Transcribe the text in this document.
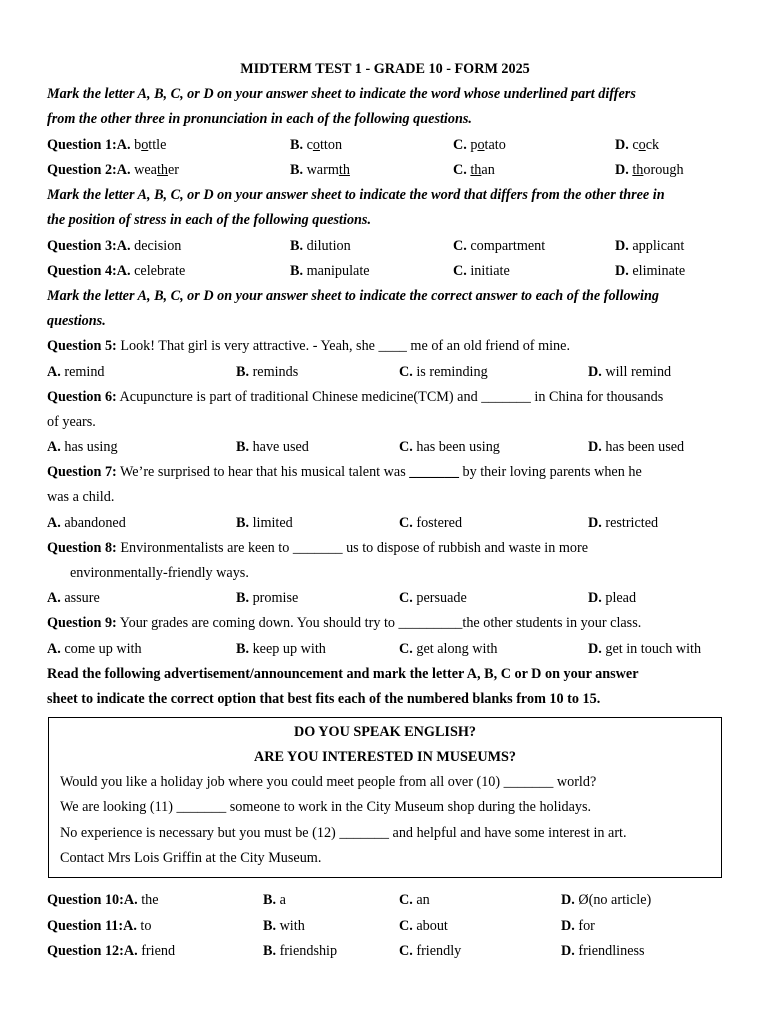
MIDTERM TEST 1 - GRADE 10 - FORM 2025
Mark the letter A, B, C, or D on your answer sheet to indicate the word whose underlined part differs
from the other three in pronunciation in each of the following questions.
Question 1:A. bottle	B. cotton	C. potato	D. cock
Question 2:A. weather	B. warmth	C. than	D. thorough
Mark the letter A, B, C, or D on your answer sheet to indicate the word that differs from the other three in
the position of stress in each of the following questions.
Question 3:A. decision	B. dilution	C. compartment	D. applicant
Question 4:A. celebrate	B. manipulate	C. initiate	D. eliminate
Mark the letter A, B, C, or D on your answer sheet to indicate the correct answer to each of the following
questions.
Question 5: Look! That girl is very attractive. - Yeah, she ____ me of an old friend of mine.
A. remind	B. reminds	C. is reminding	D. will remind
Question 6: Acupuncture is part of traditional Chinese medicine(TCM) and _______ in China for thousands
of years.
A. has using	B. have used	C. has been using	D. has been used
Question 7: We’re surprised to hear that his musical talent was _______ by their loving parents when he
was a child.
A. abandoned	B. limited	C. fostered	D. restricted
Question 8: Environmentalists are keen to _______ us to dispose of rubbish and waste in more
environmentally-friendly ways.
A. assure	B. promise	C. persuade	D. plead
Question 9: Your grades are coming down. You should try to _________the other students in your class.
A. come up with	B. keep up with	C. get along with	D. get in touch with
Read the following advertisement/announcement and mark the letter A, B, C or D on your answer
sheet to indicate the correct option that best fits each of the numbered blanks from 10 to 15.
DO YOU SPEAK ENGLISH?
ARE YOU INTERESTED IN MUSEUMS?
Would you like a holiday job where you could meet people from all over (10) _______ world?
We are looking (11) _______ someone to work in the City Museum shop during the holidays.
No experience is necessary but you must be (12) _______ and helpful and have some interest in art.
Contact Mrs Lois Griffin at the City Museum.
Question 10:A. the	B. a	C. an	D. Ø(no article)
Question 11:A. to	B. with	C. about	D. for
Question 12:A. friend	B. friendship	C. friendly	D. friendliness
